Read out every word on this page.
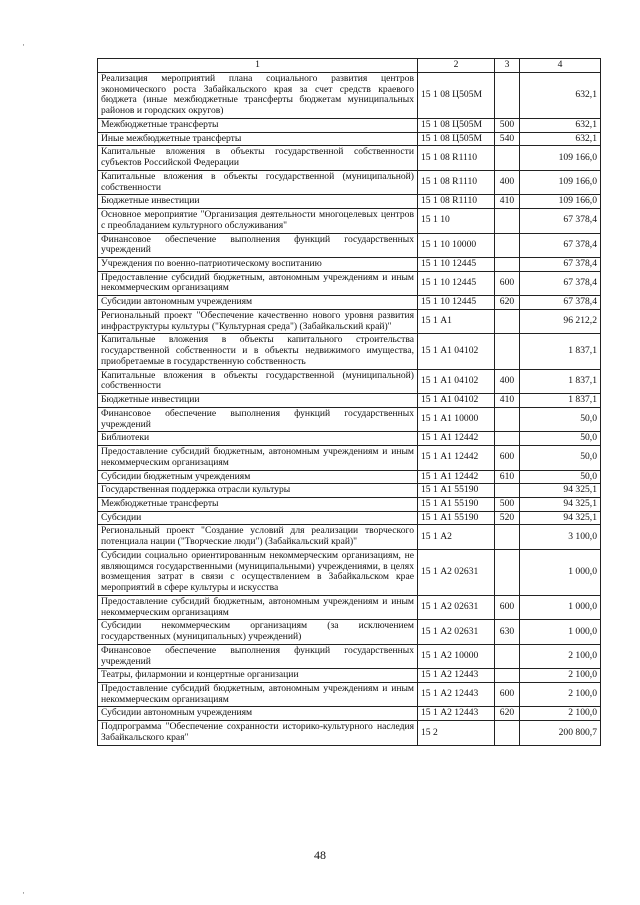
·
·
1	2	3	4
Реализация мероприятий плана социального развития центров экономического роста Забайкальского края за счет средств краевого бюджета (иные межбюджетные трансферты бюджетам муниципальных районов и городских округов)	15 1 08 Ц505М		632,1
Межбюджетные трансферты	15 1 08 Ц505М	500	632,1
Иные межбюджетные трансферты	15 1 08 Ц505М	540	632,1
Капитальные вложения в объекты государственной собственности субъектов Российской Федерации	15 1 08 R1110		109 166,0
Капитальные вложения в объекты государственной (муниципальной) собственности	15 1 08 R1110	400	109 166,0
Бюджетные инвестиции	15 1 08 R1110	410	109 166,0
Основное мероприятие "Организация деятельности многоцелевых центров с преобладанием культурного обслуживания"	15 1 10		67 378,4
Финансовое обеспечение выполнения функций государственных учреждений	15 1 10 10000		67 378,4
Учреждения по военно-патриотическому воспитанию	15 1 10 12445		67 378,4
Предоставление субсидий бюджетным, автономным учреждениям и иным некоммерческим организациям	15 1 10 12445	600	67 378,4
Субсидии автономным учреждениям	15 1 10 12445	620	67 378,4
Региональный проект "Обеспечение качественно нового уровня развития инфраструктуры культуры ("Культурная среда") (Забайкальский край)"	15 1 А1		96 212,2
Капитальные вложения в объекты капитального строительства государственной собственности и в объекты недвижимого имущества, приобретаемые в государственную собственность	15 1 А1 04102		1 837,1
Капитальные вложения в объекты государственной (муниципальной) собственности	15 1 А1 04102	400	1 837,1
Бюджетные инвестиции	15 1 А1 04102	410	1 837,1
Финансовое обеспечение выполнения функций государственных учреждений	15 1 А1 10000		50,0
Библиотеки	15 1 А1 12442		50,0
Предоставление субсидий бюджетным, автономным учреждениям и иным некоммерческим организациям	15 1 А1 12442	600	50,0
Субсидии бюджетным учреждениям	15 1 А1 12442	610	50,0
Государственная поддержка отрасли культуры	15 1 А1 55190		94 325,1
Межбюджетные трансферты	15 1 А1 55190	500	94 325,1
Субсидии	15 1 А1 55190	520	94 325,1
Региональный проект "Создание условий для реализации творческого потенциала нации ("Творческие люди") (Забайкальский край)"	15 1 А2		3 100,0
Субсидии социально ориентированным некоммерческим организациям, не являющимся государственными (муниципальными) учреждениями, в целях возмещения затрат в связи с осуществлением в Забайкальском крае мероприятий в сфере культуры и искусства	15 1 А2 02631		1 000,0
Предоставление субсидий бюджетным, автономным учреждениям и иным некоммерческим организациям	15 1 А2 02631	600	1 000,0
Субсидии некоммерческим организациям (за исключением государственных (муниципальных) учреждений)	15 1 А2 02631	630	1 000,0
Финансовое обеспечение выполнения функций государственных учреждений	15 1 А2 10000		2 100,0
Театры, филармонии и концертные организации	15 1 А2 12443		2 100,0
Предоставление субсидий бюджетным, автономным учреждениям и иным некоммерческим организациям	15 1 А2 12443	600	2 100,0
Субсидии автономным учреждениям	15 1 А2 12443	620	2 100,0
Подпрограмма "Обеспечение сохранности историко-культурного наследия Забайкальского края"	15 2		200 800,7
48
